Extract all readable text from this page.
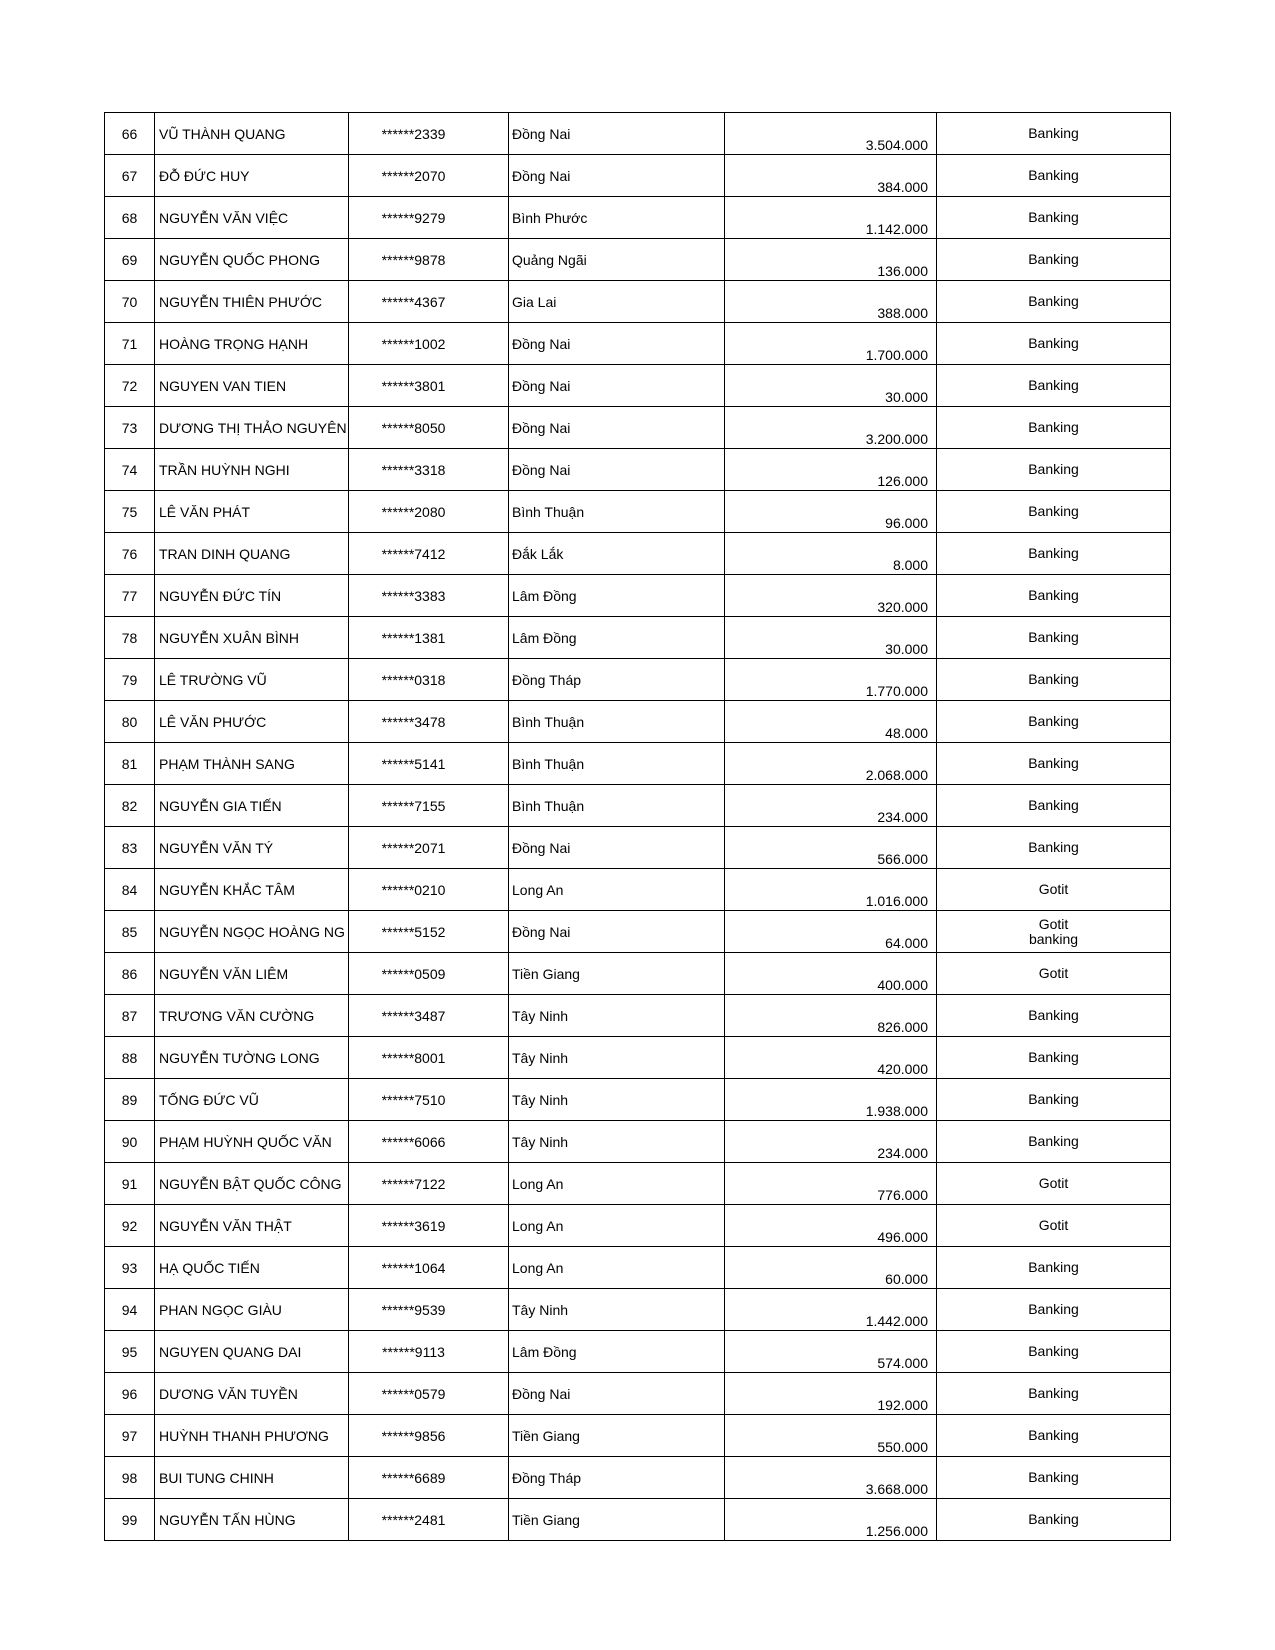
66	VŨ THÀNH QUANG	******2339	Đồng Nai	3.504.000	Banking
67	ĐỖ ĐỨC HUY	******2070	Đồng Nai	384.000	Banking
68	NGUYỄN VĂN VIỆC	******9279	Bình Phước	1.142.000	Banking
69	NGUYỄN QUỐC PHONG	******9878	Quảng Ngãi	136.000	Banking
70	NGUYỄN THIÊN PHƯỚC	******4367	Gia Lai	388.000	Banking
71	HOÀNG TRỌNG HẠNH	******1002	Đồng Nai	1.700.000	Banking
72	NGUYEN VAN TIEN	******3801	Đồng Nai	30.000	Banking
73	DƯƠNG THỊ THẢO NGUYÊN	******8050	Đồng Nai	3.200.000	Banking
74	TRẦN HUỲNH NGHI	******3318	Đồng Nai	126.000	Banking
75	LÊ VĂN PHÁT	******2080	Bình Thuận	96.000	Banking
76	TRAN DINH QUANG	******7412	Đắk Lắk	8.000	Banking
77	NGUYỄN ĐỨC TÍN	******3383	Lâm Đồng	320.000	Banking
78	NGUYỄN XUÂN BÌNH	******1381	Lâm Đồng	30.000	Banking
79	LÊ TRƯỜNG VŨ	******0318	Đồng Tháp	1.770.000	Banking
80	LÊ VĂN PHƯỚC	******3478	Bình Thuận	48.000	Banking
81	PHẠM THÀNH SANG	******5141	Bình Thuận	2.068.000	Banking
82	NGUYỄN GIA TIẾN	******7155	Bình Thuận	234.000	Banking
83	NGUYỄN VĂN TÝ	******2071	Đồng Nai	566.000	Banking
84	NGUYỄN KHẮC TÂM	******0210	Long An	1.016.000	Gotit
85	NGUYỄN NGỌC HOÀNG NG	******5152	Đồng Nai	64.000	Gotit
banking
86	NGUYỄN VĂN LIÊM	******0509	Tiền Giang	400.000	Gotit
87	TRƯƠNG VĂN CƯỜNG	******3487	Tây Ninh	826.000	Banking
88	NGUYỄN TƯỜNG LONG	******8001	Tây Ninh	420.000	Banking
89	TỐNG ĐỨC VŨ	******7510	Tây Ninh	1.938.000	Banking
90	PHẠM HUỲNH QUỐC VĂN	******6066	Tây Ninh	234.000	Banking
91	NGUYỄN BẬT QUỐC CÔNG	******7122	Long An	776.000	Gotit
92	NGUYỄN VĂN THẬT	******3619	Long An	496.000	Gotit
93	HẠ QUỐC TIẾN	******1064	Long An	60.000	Banking
94	PHAN NGỌC GIÀU	******9539	Tây Ninh	1.442.000	Banking
95	NGUYEN QUANG DAI	******9113	Lâm Đồng	574.000	Banking
96	DƯƠNG VĂN TUYỀN	******0579	Đồng Nai	192.000	Banking
97	HUỲNH THANH PHƯƠNG	******9856	Tiền Giang	550.000	Banking
98	BUI TUNG CHINH	******6689	Đồng Tháp	3.668.000	Banking
99	NGUYỄN TẤN HÙNG	******2481	Tiền Giang	1.256.000	Banking
